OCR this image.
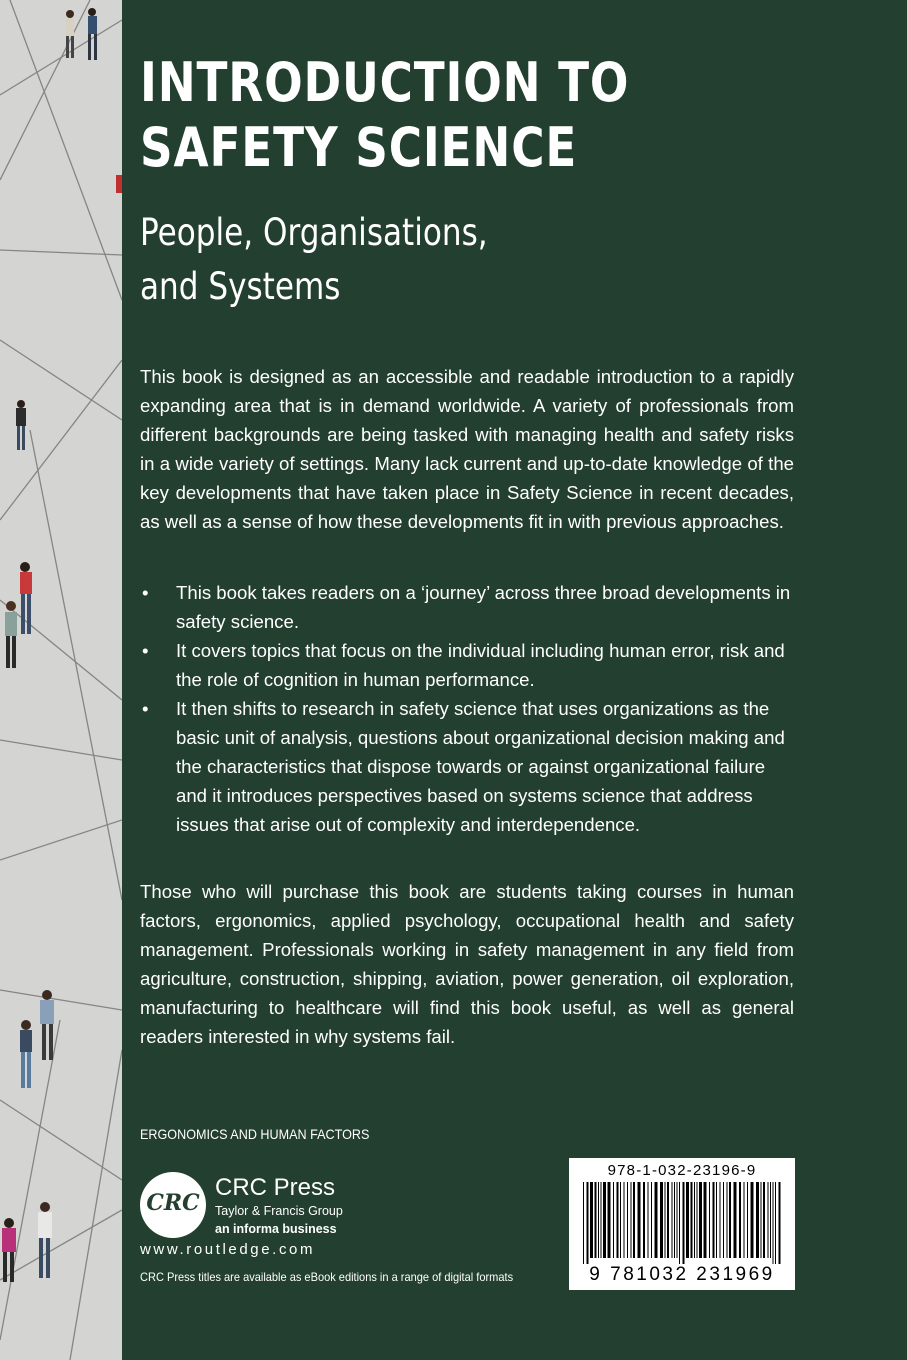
INTRODUCTION TO
SAFETY SCIENCE
People, Organisations,
and Systems

This book is designed as an accessible and readable introduction to a rapidly expanding area that is in demand worldwide. A variety of professionals from different backgrounds are being tasked with managing health and safety risks in a wide variety of settings. Many lack current and up-to-date knowledge of the key developments that have taken place in Safety Science in recent decades, as well as a sense of how these developments fit in with previous approaches.

• This book takes readers on a ‘journey’ across three broad developments in safety science.
• It covers topics that focus on the individual including human error, risk and the role of cognition in human performance.
• It then shifts to research in safety science that uses organizations as the basic unit of analysis, questions about organizational decision making and the characteristics that dispose towards or against organizational failure and it introduces perspectives based on systems science that address issues that arise out of complexity and interdependence.

Those who will purchase this book are students taking courses in human factors, ergonomics, applied psychology, occupational health and safety management. Professionals working in safety management in any field from agriculture, construction, shipping, aviation, power generation, oil exploration, manufacturing to healthcare will find this book useful, as well as general readers interested in why systems fail.

ERGONOMICS AND HUMAN FACTORS
CRC
CRC Press
Taylor & Francis Group
an informa business
www.routledge.com
CRC Press titles are available as eBook editions in a range of digital formats
978-1-032-23196-9
9 781032 231969
